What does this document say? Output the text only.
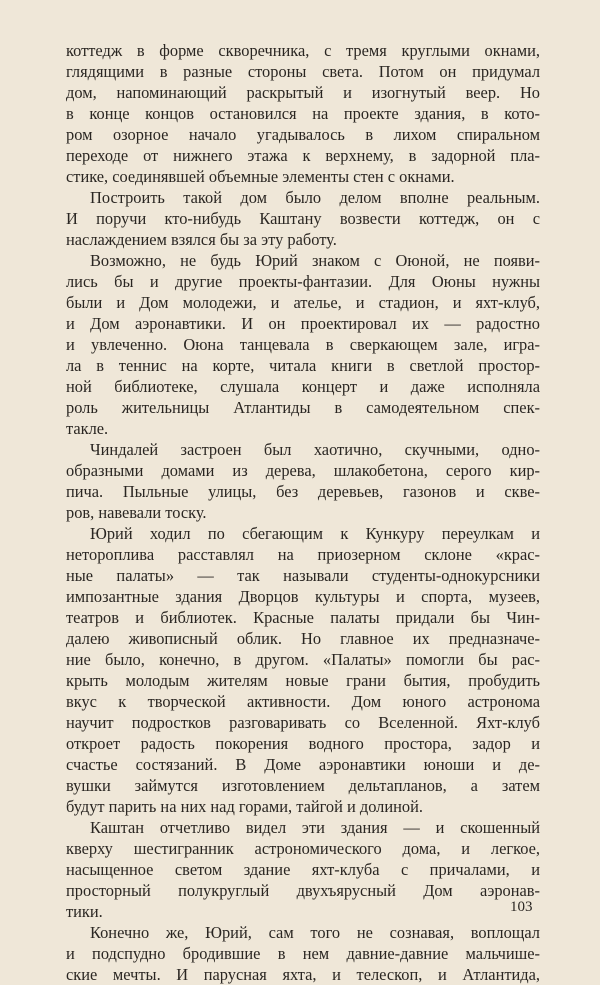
коттедж в форме скворечника, с тремя круглыми окнами,
глядящими в разные стороны света. Потом он придумал
дом, напоминающий раскрытый и изогнутый веер. Но
в конце концов остановился на проекте здания, в кото-
ром озорное начало угадывалось в лихом спиральном
переходе от нижнего этажа к верхнему, в задорной пла-
стике, соединявшей объемные элементы стен с окнами.
Построить такой дом было делом вполне реальным.
И поручи кто-нибудь Каштану возвести коттедж, он с
наслаждением взялся бы за эту работу.
Возможно, не будь Юрий знаком с Оюной, не появи-
лись бы и другие проекты-фантазии. Для Оюны нужны
были и Дом молодежи, и ателье, и стадион, и яхт-клуб,
и Дом аэронавтики. И он проектировал их — радостно
и увлеченно. Оюна танцевала в сверкающем зале, игра-
ла в теннис на корте, читала книги в светлой простор-
ной библиотеке, слушала концерт и даже исполняла
роль жительницы Атлантиды в самодеятельном спек-
такле.
Чиндалей застроен был хаотично, скучными, одно-
образными домами из дерева, шлакобетона, серого кир-
пича. Пыльные улицы, без деревьев, газонов и скве-
ров, навевали тоску.
Юрий ходил по сбегающим к Кункуру переулкам и
нетороплива расставлял на приозерном склоне «крас-
ные палаты» — так называли студенты-однокурсники
импозантные здания Дворцов культуры и спорта, музеев,
театров и библиотек. Красные палаты придали бы Чин-
далею живописный облик. Но главное их предназначе-
ние было, конечно, в другом. «Палаты» помогли бы рас-
крыть молодым жителям новые грани бытия, пробудить
вкус к творческой активности. Дом юного астронома
научит подростков разговаривать со Вселенной. Яхт-клуб
откроет радость покорения водного простора, задор и
счастье состязаний. В Доме аэронавтики юноши и де-
вушки займутся изготовлением дельтапланов, а затем
будут парить на них над горами, тайгой и долиной.
Каштан отчетливо видел эти здания — и скошенный
кверху шестигранник астрономического дома, и легкое,
насыщенное светом здание яхт-клуба с причалами, и
просторный полукруглый двухъярусный Дом аэронав-
тики.
Конечно же, Юрий, сам того не сознавая, воплощал
и подспудно бродившие в нем давние-давние мальчише-
ские мечты. И парусная яхта, и телескоп, и Атлантида,
103
